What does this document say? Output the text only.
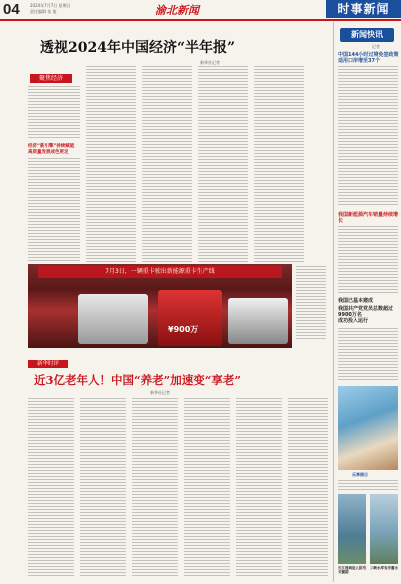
04	2024年7月7日 星期日
责任编辑 张 旭	渝北新闻	时事新闻
透视2024年中国经济“半年报”
新华社记者
聚焦经济
经济“新引擎”持续赋能 高质量发展成色更足
7月3日，一辆重卡驶出新能源重卡生产线
¥900万
新华时评
近3亿老年人！中国“养老”加速变“享老”
新华社记者
新闻快讯
记者
中国144小时过境免签政策适用口岸增至37个
我国新能源汽车销量持续增长
我国已基本建成
我国共产党党员总数超过9900万名
成功投入运行
乐享假日
长江流域进入防汛关键期
三峡水库有序蓄水
